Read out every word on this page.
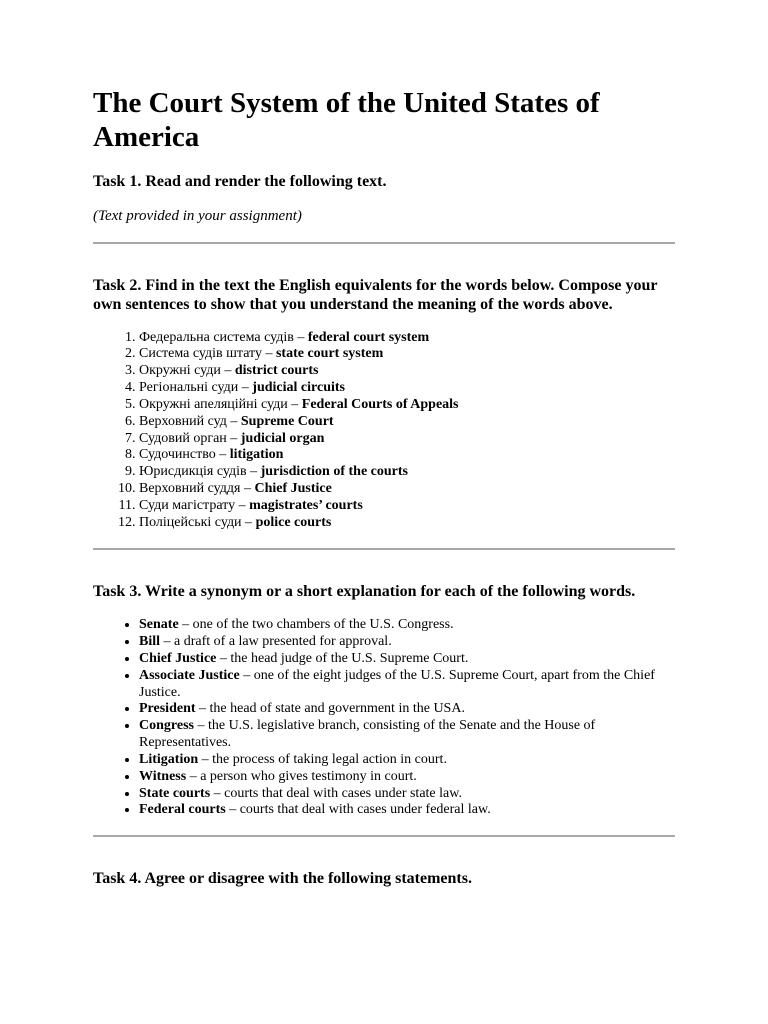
The Court System of the United States of America

Task 1. Read and render the following text.

(Text provided in your assignment)

Task 2. Find in the text the English equivalents for the words below. Compose your own sentences to show that you understand the meaning of the words above.

1. Федеральна система судів – federal court system
2. Система судів штату – state court system
3. Окружні суди – district courts
4. Регіональні суди – judicial circuits
5. Окружні апеляційні суди – Federal Courts of Appeals
6. Верховний суд – Supreme Court
7. Судовий орган – judicial organ
8. Судочинство – litigation
9. Юрисдикція судів – jurisdiction of the courts
10. Верховний суддя – Chief Justice
11. Суди магістрату – magistrates’ courts
12. Поліцейські суди – police courts

Task 3. Write a synonym or a short explanation for each of the following words.

• Senate – one of the two chambers of the U.S. Congress.
• Bill – a draft of a law presented for approval.
• Chief Justice – the head judge of the U.S. Supreme Court.
• Associate Justice – one of the eight judges of the U.S. Supreme Court, apart from the Chief Justice.
• President – the head of state and government in the USA.
• Congress – the U.S. legislative branch, consisting of the Senate and the House of Representatives.
• Litigation – the process of taking legal action in court.
• Witness – a person who gives testimony in court.
• State courts – courts that deal with cases under state law.
• Federal courts – courts that deal with cases under federal law.

Task 4. Agree or disagree with the following statements.
